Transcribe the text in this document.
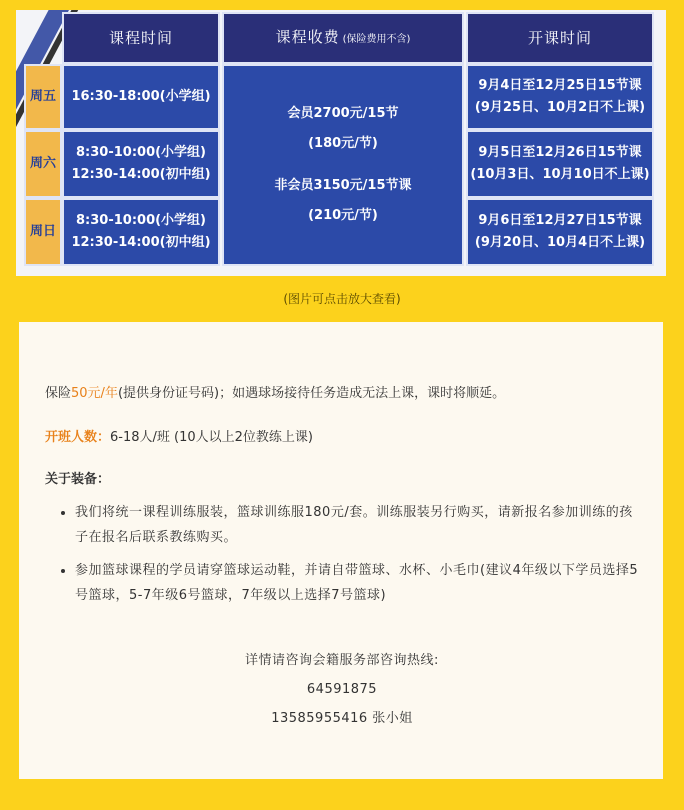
课程时间	课程收费 (保险费用不含)	开课时间
周五
周六
周日
16:30-18:00(小学组)
8:30-10:00(小学组)
12:30-14:00(初中组)
8:30-10:00(小学组)
12:30-14:00(初中组)
会员2700元/15节
(180元/节)
非会员3150元/15节课
(210元/节)
9月4日至12月25日15节课
(9月25日、10月2日不上课)
9月5日至12月26日15节课
(10月3日、10月10日不上课)
9月6日至12月27日15节课
(9月20日、10月4日不上课)
(图片可点击放大查看)

保险50元/年(提供身份证号码)；如遇球场接待任务造成无法上课，课时将顺延。

开班人数：6-18人/班 (10人以上2位教练上课)

关于装备：

• 我们将统一课程训练服装，篮球训练服180元/套。训练服装另行购买，请新报名参加训练的孩子在报名后联系教练购买。
• 参加篮球课程的学员请穿篮球运动鞋，并请自带篮球、水杯、小毛巾(建议4年级以下学员选择5号篮球，5-7年级6号篮球，7年级以上选择7号篮球)
详情请咨询会籍服务部咨询热线:
64591875
13585955416 张小姐
